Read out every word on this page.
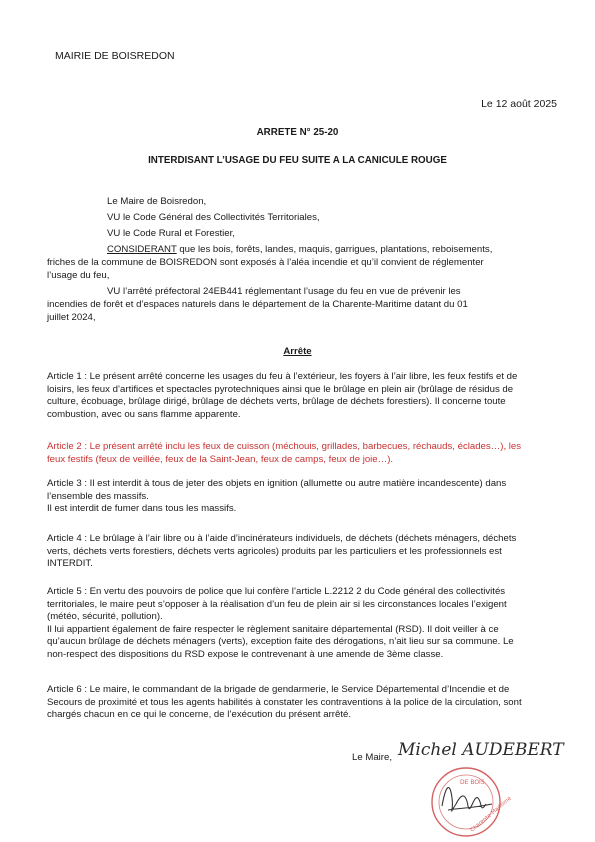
MAIRIE DE BOISREDON
Le 12 août 2025
ARRETE N° 25-20
INTERDISANT L’USAGE DU FEU SUITE A LA CANICULE ROUGE
Le Maire de Boisredon,
VU le Code Général des Collectivités Territoriales,
VU le Code Rural et Forestier,
CONSIDERANT que les bois, forêts, landes, maquis, garrigues, plantations, reboisements,
friches de la commune de BOISREDON sont exposés à l’aléa incendie et qu’il convient de réglementer
l’usage du feu,
VU l’arrêté préfectoral 24EB441 réglementant l’usage du feu en vue de prévenir les
incendies de forêt et d’espaces naturels dans le département de la Charente-Maritime datant du 01
juillet 2024,
Arrête
Article 1 : Le présent arrêté concerne les usages du feu à l’extérieur, les foyers à l’air libre, les feux festifs et de
loisirs, les feux d’artifices et spectacles pyrotechniques ainsi que le brûlage en plein air (brûlage de résidus de
culture, écobuage, brûlage dirigé, brûlage de déchets verts, brûlage de déchets forestiers). Il concerne toute
combustion, avec ou sans flamme apparente.
Article 2 : Le présent arrêté inclu les feux de cuisson (méchouis, grillades, barbecues, réchauds, éclades…), les
feux festifs (feux de veillée, feux de la Saint-Jean, feux de camps, feux de joie…).
Article 3 : Il est interdit à tous de jeter des objets en ignition (allumette ou autre matière incandescente) dans
l’ensemble des massifs.
Il est interdit de fumer dans tous les massifs.
Article 4 : Le brûlage à l’air libre ou à l’aide d’incinérateurs individuels, de déchets (déchets ménagers, déchets
verts, déchets verts forestiers, déchets verts agricoles) produits par les particuliers et les professionnels est
INTERDIT.
Article 5 : En vertu des pouvoirs de police que lui confère l’article L.2212 2 du Code général des collectivités
territoriales, le maire peut s’opposer à la réalisation d’un feu de plein air si les circonstances locales l’exigent
(météo, sécurité, pollution).
Il lui appartient également de faire respecter le règlement sanitaire départemental (RSD). Il doit veiller à ce
qu’aucun brûlage de déchets ménagers (verts), exception faite des dérogations, n’ait lieu sur sa commune. Le
non-respect des dispositions du RSD expose le contrevenant à une amende de 3ème classe.
Article 6 : Le maire, le commandant de la brigade de gendarmerie, le Service Départemental d’Incendie et de
Secours de proximité et tous les agents habilités à constater les contraventions à la police de la circulation, sont
chargés chacun en ce qui le concerne, de l’exécution du présent arrêté.
Le Maire, Michel AUDEBERT
DE BOIS
Charente-Maritime
